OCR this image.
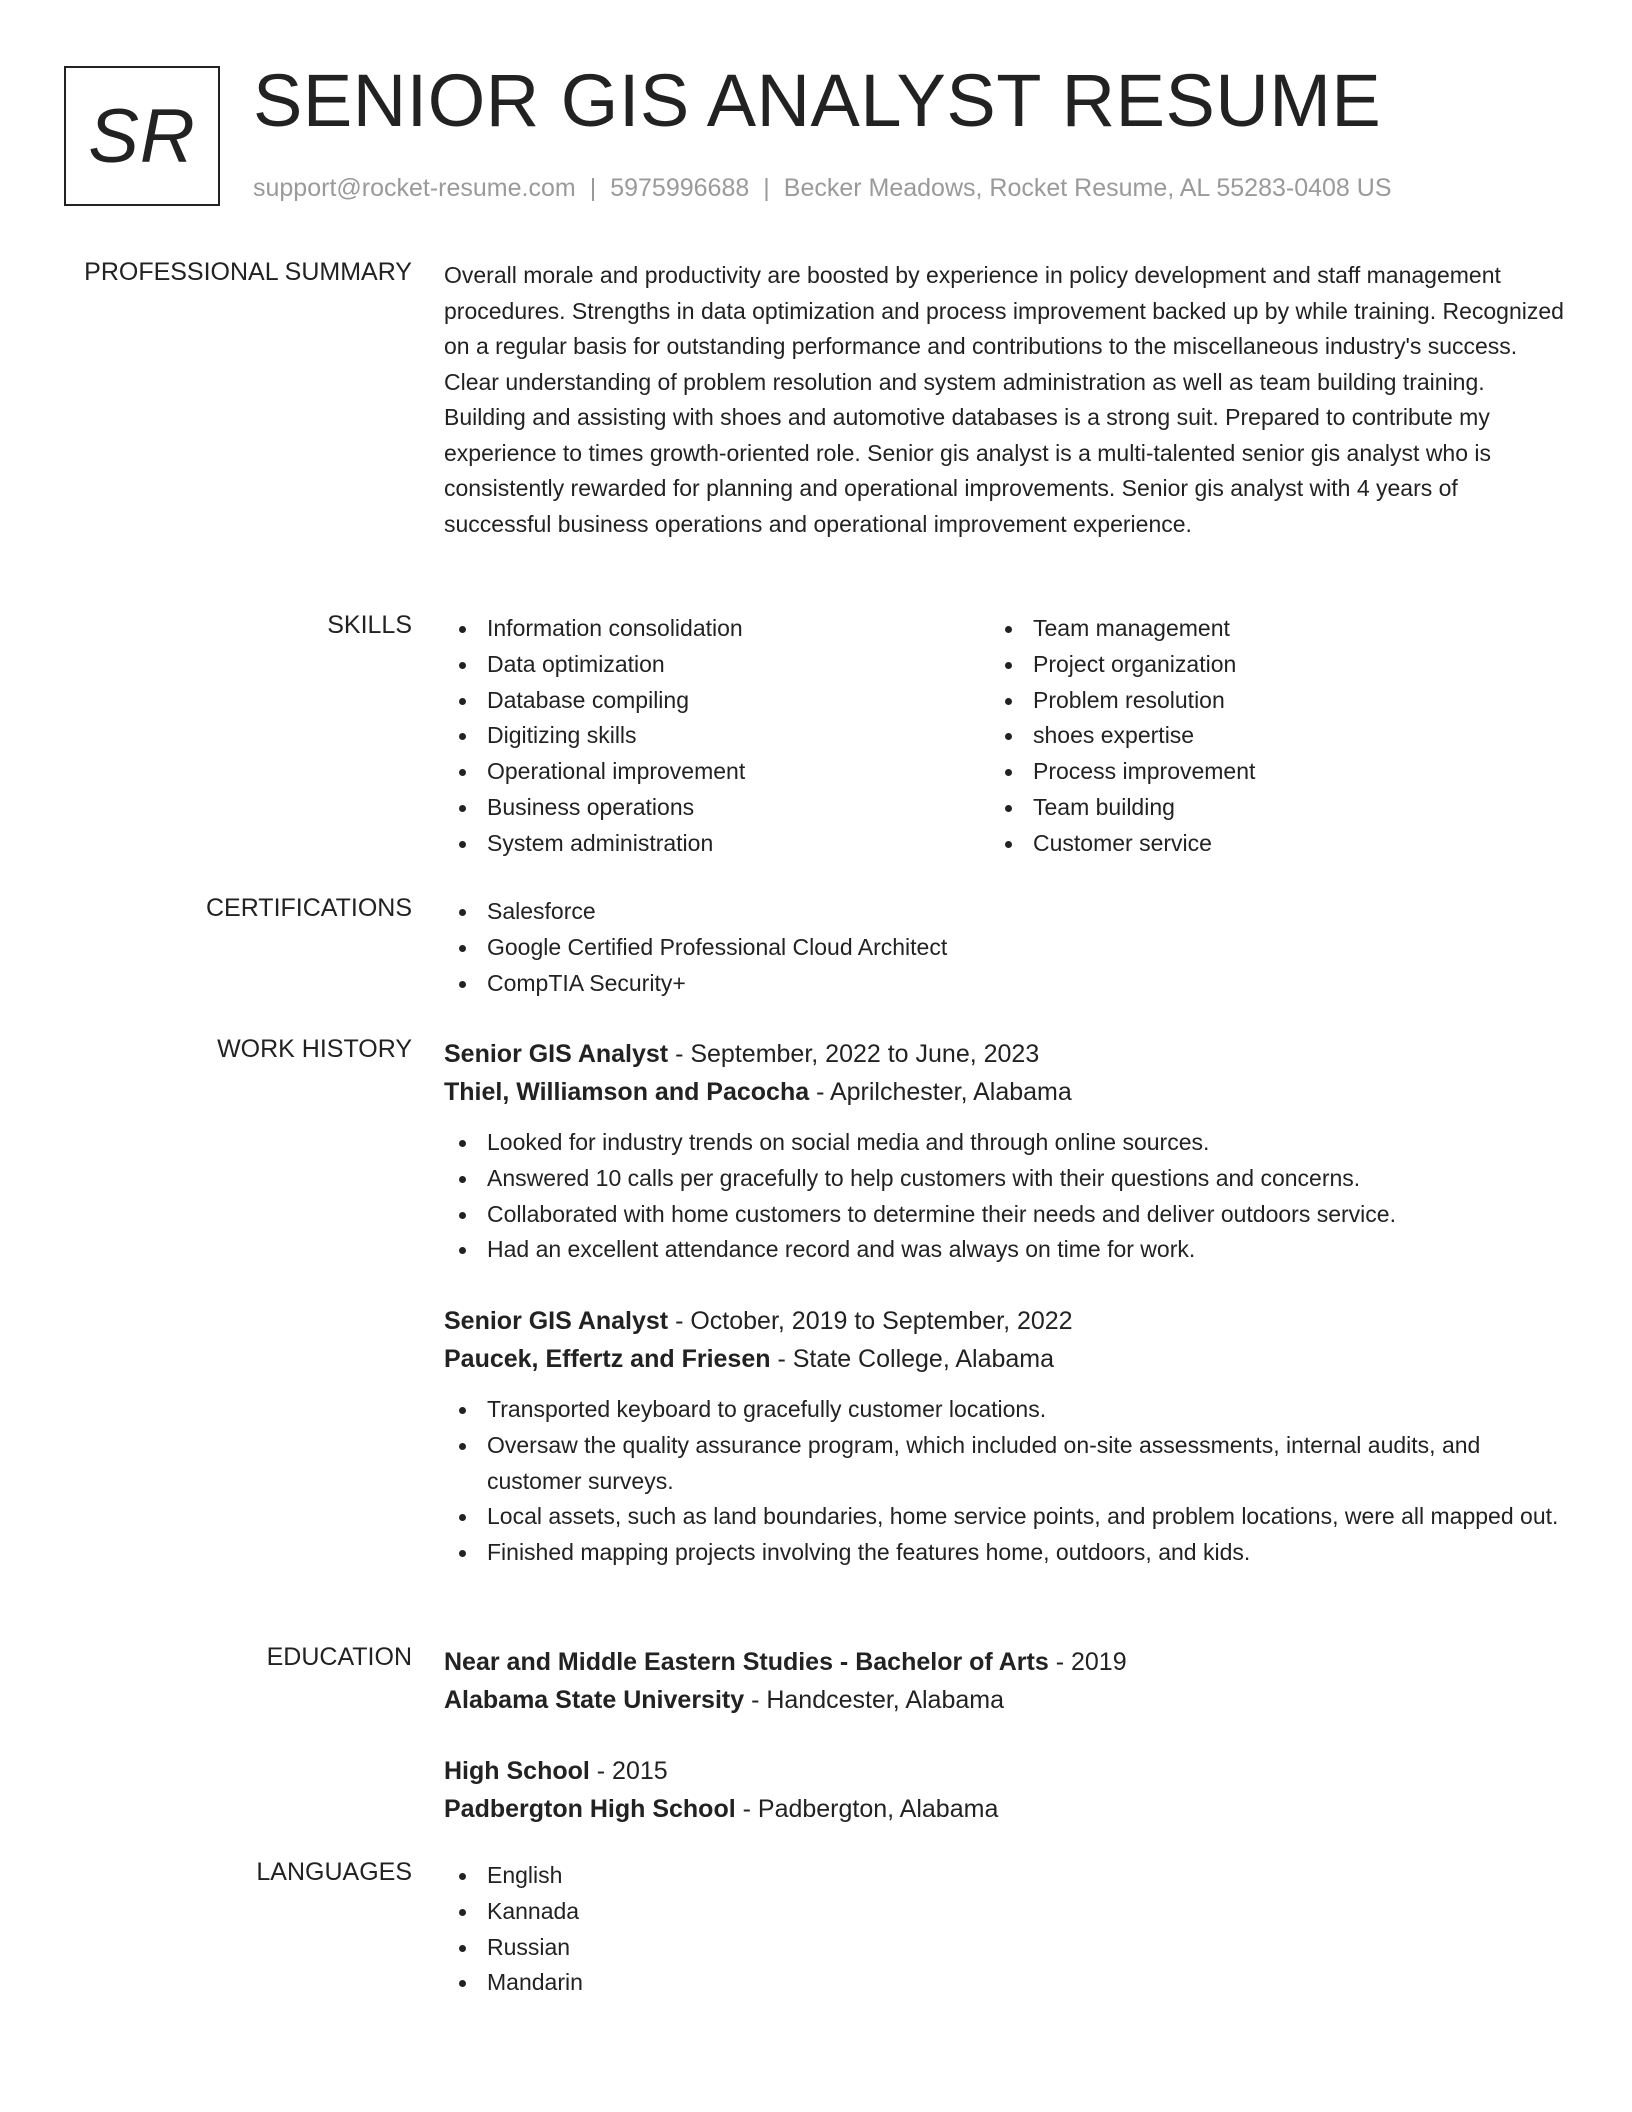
SR SENIOR GIS ANALYST RESUME
support@rocket-resume.com | 5975996688 | Becker Meadows, Rocket Resume, AL 55283-0408 US
PROFESSIONAL SUMMARY Overall morale and productivity are boosted by experience in policy development and staff management procedures. Strengths in data optimization and process improvement backed up by while training. Recognized on a regular basis for outstanding performance and contributions to the miscellaneous industry's success. Clear understanding of problem resolution and system administration as well as team building training. Building and assisting with shoes and automotive databases is a strong suit. Prepared to contribute my experience to times growth-oriented role. Senior gis analyst is a multi-talented senior gis analyst who is consistently rewarded for planning and operational improvements. Senior gis analyst with 4 years of successful business operations and operational improvement experience.

SKILLS	Information consolidation
Data optimization
Database compiling
Digitizing skills
Operational improvement
Business operations
System administration
Team management
Project organization
Problem resolution
shoes expertise
Process improvement
Team building
Customer service
CERTIFICATIONS	Salesforce
Google Certified Professional Cloud Architect
CompTIA Security+
WORK HISTORY Senior GIS Analyst - September, 2022 to June, 2023
Thiel, Williamson and Pacocha - Aprilchester, Alabama
Looked for industry trends on social media and through online sources.
Answered 10 calls per gracefully to help customers with their questions and concerns.
Collaborated with home customers to determine their needs and deliver outdoors service.
Had an excellent attendance record and was always on time for work.
Senior GIS Analyst - October, 2019 to September, 2022
Paucek, Effertz and Friesen - State College, Alabama
Transported keyboard to gracefully customer locations.
Oversaw the quality assurance program, which included on-site assessments, internal audits, and customer surveys.
Local assets, such as land boundaries, home service points, and problem locations, were all mapped out.
Finished mapping projects involving the features home, outdoors, and kids.
EDUCATION Near and Middle Eastern Studies - Bachelor of Arts - 2019
Alabama State University - Handcester, Alabama
High School - 2015
Padbergton High School - Padbergton, Alabama
LANGUAGES	English
Kannada
Russian
Mandarin
